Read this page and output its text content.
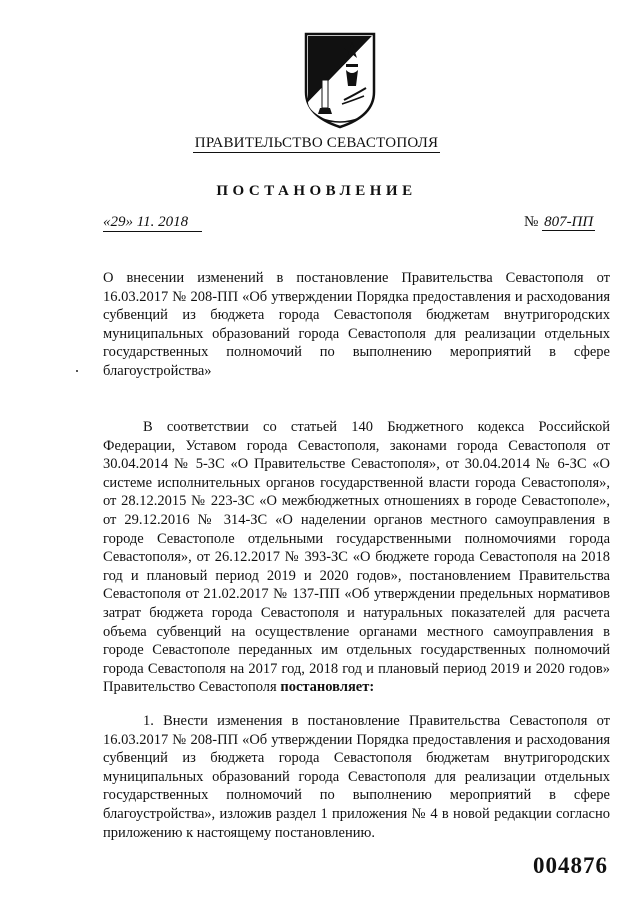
ПРАВИТЕЛЬСТВО СЕВАСТОПОЛЯ
ПОСТАНОВЛЕНИЕ
«29» 11. 2018	№ 807-ПП
О внесении изменений в постановление Правительства Севастополя от 16.03.2017 № 208-ПП «Об утверждении Порядка предоставления и расходования субвенций из бюджета города Севастополя бюджетам внутригородских муниципальных образований города Севастополя для реализации отдельных государственных полномочий по выполнению мероприятий в сфере благоустройства»
В соответствии со статьей 140 Бюджетного кодекса Российской Федерации, Уставом города Севастополя, законами города Севастополя от 30.04.2014 № 5-ЗС «О Правительстве Севастополя», от 30.04.2014 № 6-ЗС «О системе исполнительных органов государственной власти города Севастополя», от 28.12.2015 № 223-ЗС «О межбюджетных отношениях в городе Севастополе», от 29.12.2016 № 314-ЗС «О наделении органов местного самоуправления в городе Севастополе отдельными государственными полномочиями города Севастополя», от 26.12.2017 № 393-ЗС «О бюджете города Севастополя на 2018 год и плановый период 2019 и 2020 годов», постановлением Правительства Севастополя от 21.02.2017 № 137-ПП «Об утверждении предельных нормативов затрат бюджета города Севастополя и натуральных показателей для расчета объема субвенций на осуществление органами местного самоуправления в городе Севастополе переданных им отдельных государственных полномочий города Севастополя на 2017 год, 2018 год и плановый период 2019 и 2020 годов» Правительство Севастополя постановляет:
1. Внести изменения в постановление Правительства Севастополя от 16.03.2017 № 208-ПП «Об утверждении Порядка предоставления и расходования субвенций из бюджета города Севастополя бюджетам внутригородских муниципальных образований города Севастополя для реализации отдельных государственных полномочий по выполнению мероприятий в сфере благоустройства», изложив раздел 1 приложения № 4 в новой редакции согласно приложению к настоящему постановлению.
004876
